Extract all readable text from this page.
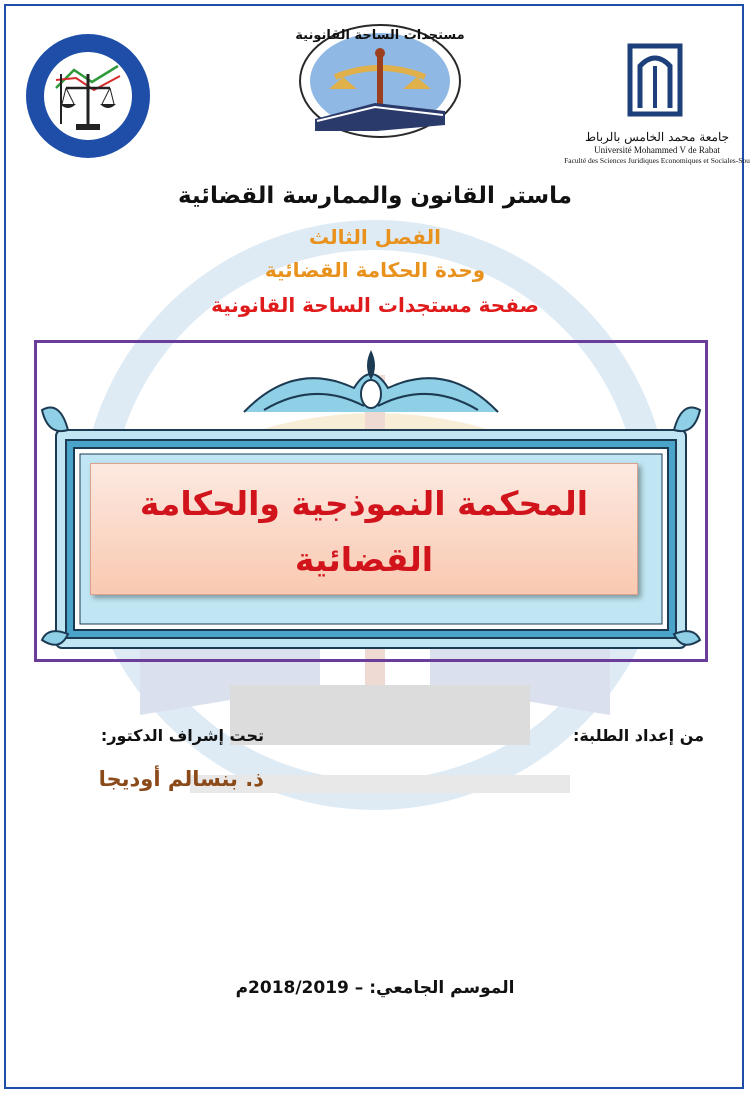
مستجدات الساحة القانونية
جامعة محمد الخامس بالرباط
Université Mohammed V de Rabat
Faculté des Sciences Juridiques Economiques et Sociales-Sou
ماستر القانون والممارسة القضائية
الفصل الثالث
وحدة الحكامة القضائية
صفحة مستجدات الساحة القانونية
المحكمة النموذجية والحكامة
القضائية
من إعداد الطلبة:
تحت إشراف الدكتور:
ذ. بنسالم أوديجا
الموسم الجامعي: – 2018/2019م
